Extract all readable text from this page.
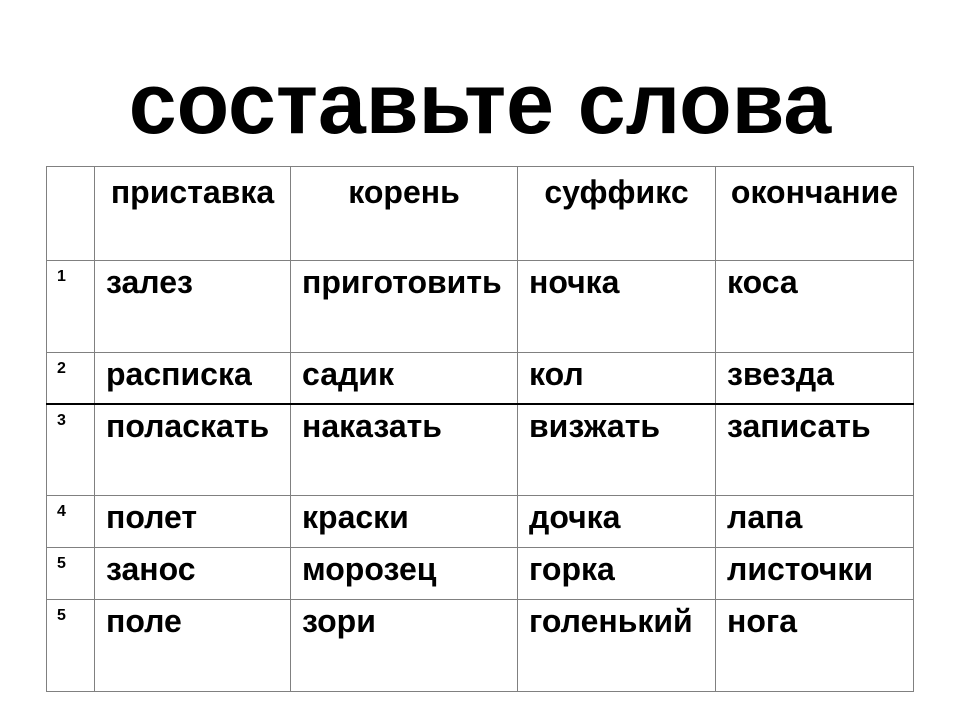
составьте слова
	приставка	корень	суффикс	окончание
1	залез	приготовить	ночка	коса
2	расписка	садик	кол	звезда
3	поласкать	наказать	визжать	записать
4	полет	краски	дочка	лапа
5	занос	морозец	горка	листочки
5	поле	зори	голенький	нога
